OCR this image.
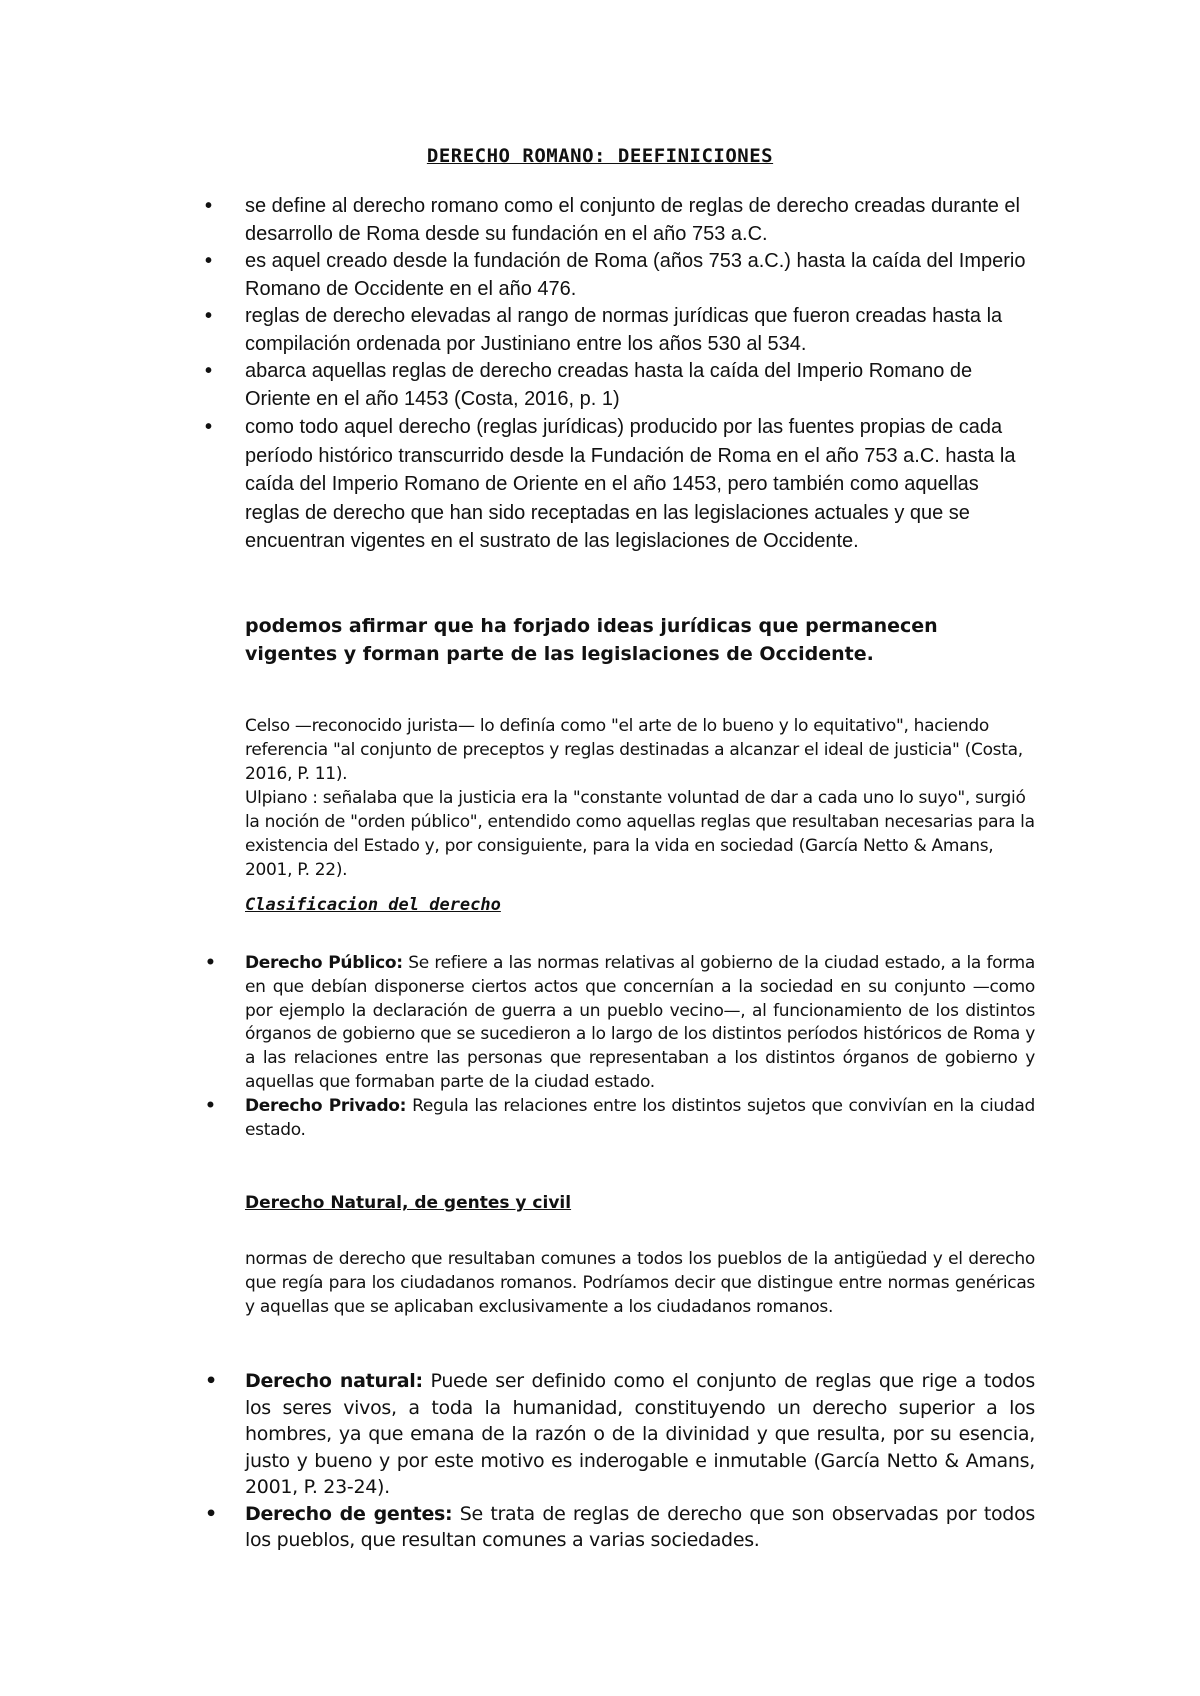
DERECHO ROMANO: DEEFINICIONES
• se define al derecho romano como el conjunto de reglas de derecho creadas durante el desarrollo de Roma desde su fundación en el año 753 a.C.
• es aquel creado desde la fundación de Roma (años 753 a.C.) hasta la caída del Imperio Romano de Occidente en el año 476.
• reglas de derecho elevadas al rango de normas jurídicas que fueron creadas hasta la compilación ordenada por Justiniano entre los años 530 al 534.
• abarca aquellas reglas de derecho creadas hasta la caída del Imperio Romano de Oriente en el año 1453 (Costa, 2016, p. 1)
• como todo aquel derecho (reglas jurídicas) producido por las fuentes propias de cada período histórico transcurrido desde la Fundación de Roma en el año 753 a.C. hasta la caída del Imperio Romano de Oriente en el año 1453, pero también como aquellas reglas de derecho que han sido receptadas en las legislaciones actuales y que se encuentran vigentes en el sustrato de las legislaciones de Occidente.
podemos afirmar que ha forjado ideas jurídicas que permanecen vigentes y forman parte de las legislaciones de Occidente.

Celso —reconocido jurista— lo definía como "el arte de lo bueno y lo equitativo", haciendo referencia "al conjunto de preceptos y reglas destinadas a alcanzar el ideal de justicia" (Costa, 2016, P. 11).

Ulpiano : señalaba que la justicia era la "constante voluntad de dar a cada uno lo suyo", surgió la noción de "orden público", entendido como aquellas reglas que resultaban necesarias para la existencia del Estado y, por consiguiente, para la vida en sociedad (García Netto & Amans, 2001, P. 22).

Clasificacion del derecho
• Derecho Público: Se refiere a las normas relativas al gobierno de la ciudad estado, a la forma en que debían disponerse ciertos actos que concernían a la sociedad en su conjunto —como por ejemplo la declaración de guerra a un pueblo vecino—, al funcionamiento de los distintos órganos de gobierno que se sucedieron a lo largo de los distintos períodos históricos de Roma y a las relaciones entre las personas que representaban a los distintos órganos de gobierno y aquellas que formaban parte de la ciudad estado.
• Derecho Privado: Regula las relaciones entre los distintos sujetos que convivían en la ciudad estado.
Derecho Natural, de gentes y civil
normas de derecho que resultaban comunes a todos los pueblos de la antigüedad y el derecho que regía para los ciudadanos romanos. Podríamos decir que distingue entre normas genéricas y aquellas que se aplicaban exclusivamente a los ciudadanos romanos.
• Derecho natural: Puede ser definido como el conjunto de reglas que rige a todos los seres vivos, a toda la humanidad, constituyendo un derecho superior a los hombres, ya que emana de la razón o de la divinidad y que resulta, por su esencia, justo y bueno y por este motivo es inderogable e inmutable (García Netto & Amans, 2001, P. 23-24).
• Derecho de gentes: Se trata de reglas de derecho que son observadas por todos los pueblos, que resultan comunes a varias sociedades.
